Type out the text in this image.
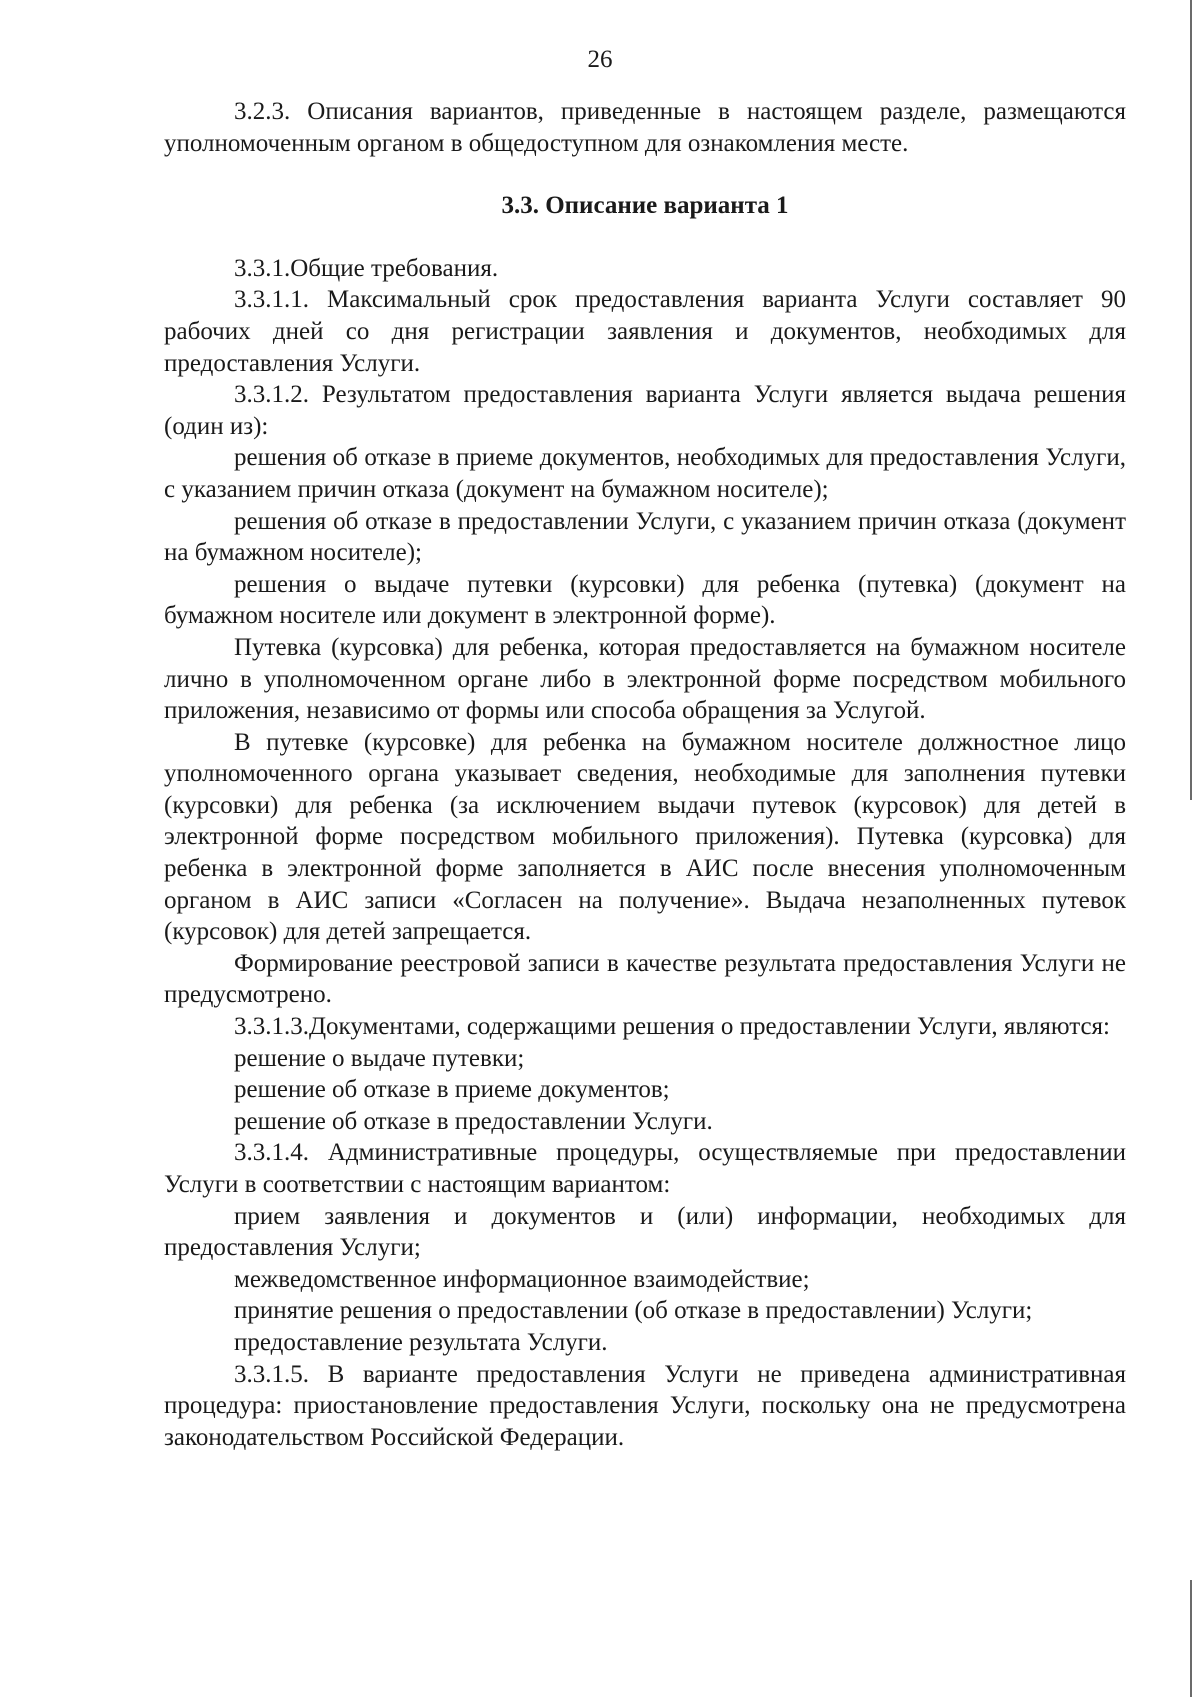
26

3.2.3. Описания вариантов, приведенные в настоящем разделе, размещаются уполномоченным органом в общедоступном для ознакомления месте.

3.3. Описание варианта 1

3.3.1.Общие требования.

3.3.1.1. Максимальный срок предоставления варианта Услуги составляет 90 рабочих дней со дня регистрации заявления и документов, необходимых для предоставления Услуги.

3.3.1.2. Результатом предоставления варианта Услуги является выдача решения (один из):

решения об отказе в приеме документов, необходимых для предоставления Услуги, с указанием причин отказа (документ на бумажном носителе);

решения об отказе в предоставлении Услуги, с указанием причин отказа (документ на бумажном носителе);

решения о выдаче путевки (курсовки) для ребенка (путевка) (документ на бумажном носителе или документ в электронной форме).

Путевка (курсовка) для ребенка, которая предоставляется на бумажном носителе лично в уполномоченном органе либо в электронной форме посредством мобильного приложения, независимо от формы или способа обращения за Услугой.

В путевке (курсовке) для ребенка на бумажном носителе должностное лицо уполномоченного органа указывает сведения, необходимые для заполнения путевки (курсовки) для ребенка (за исключением выдачи путевок (курсовок) для детей в электронной форме посредством мобильного приложения). Путевка (курсовка) для ребенка в электронной форме заполняется в АИС после внесения уполномоченным органом в АИС записи «Согласен на получение». Выдача незаполненных путевок (курсовок) для детей запрещается.

Формирование реестровой записи в качестве результата предоставления Услуги не предусмотрено.

3.3.1.3.Документами, содержащими решения о предоставлении Услуги, являются:

решение о выдаче путевки;

решение об отказе в приеме документов;

решение об отказе в предоставлении Услуги.

3.3.1.4. Административные процедуры, осуществляемые при предоставлении Услуги в соответствии с настоящим вариантом:

прием заявления и документов и (или) информации, необходимых для предоставления Услуги;

межведомственное информационное взаимодействие;

принятие решения о предоставлении (об отказе в предоставлении) Услуги;

предоставление результата Услуги.

3.3.1.5. В варианте предоставления Услуги не приведена административная процедура: приостановление предоставления Услуги, поскольку она не предусмотрена законодательством Российской Федерации.
